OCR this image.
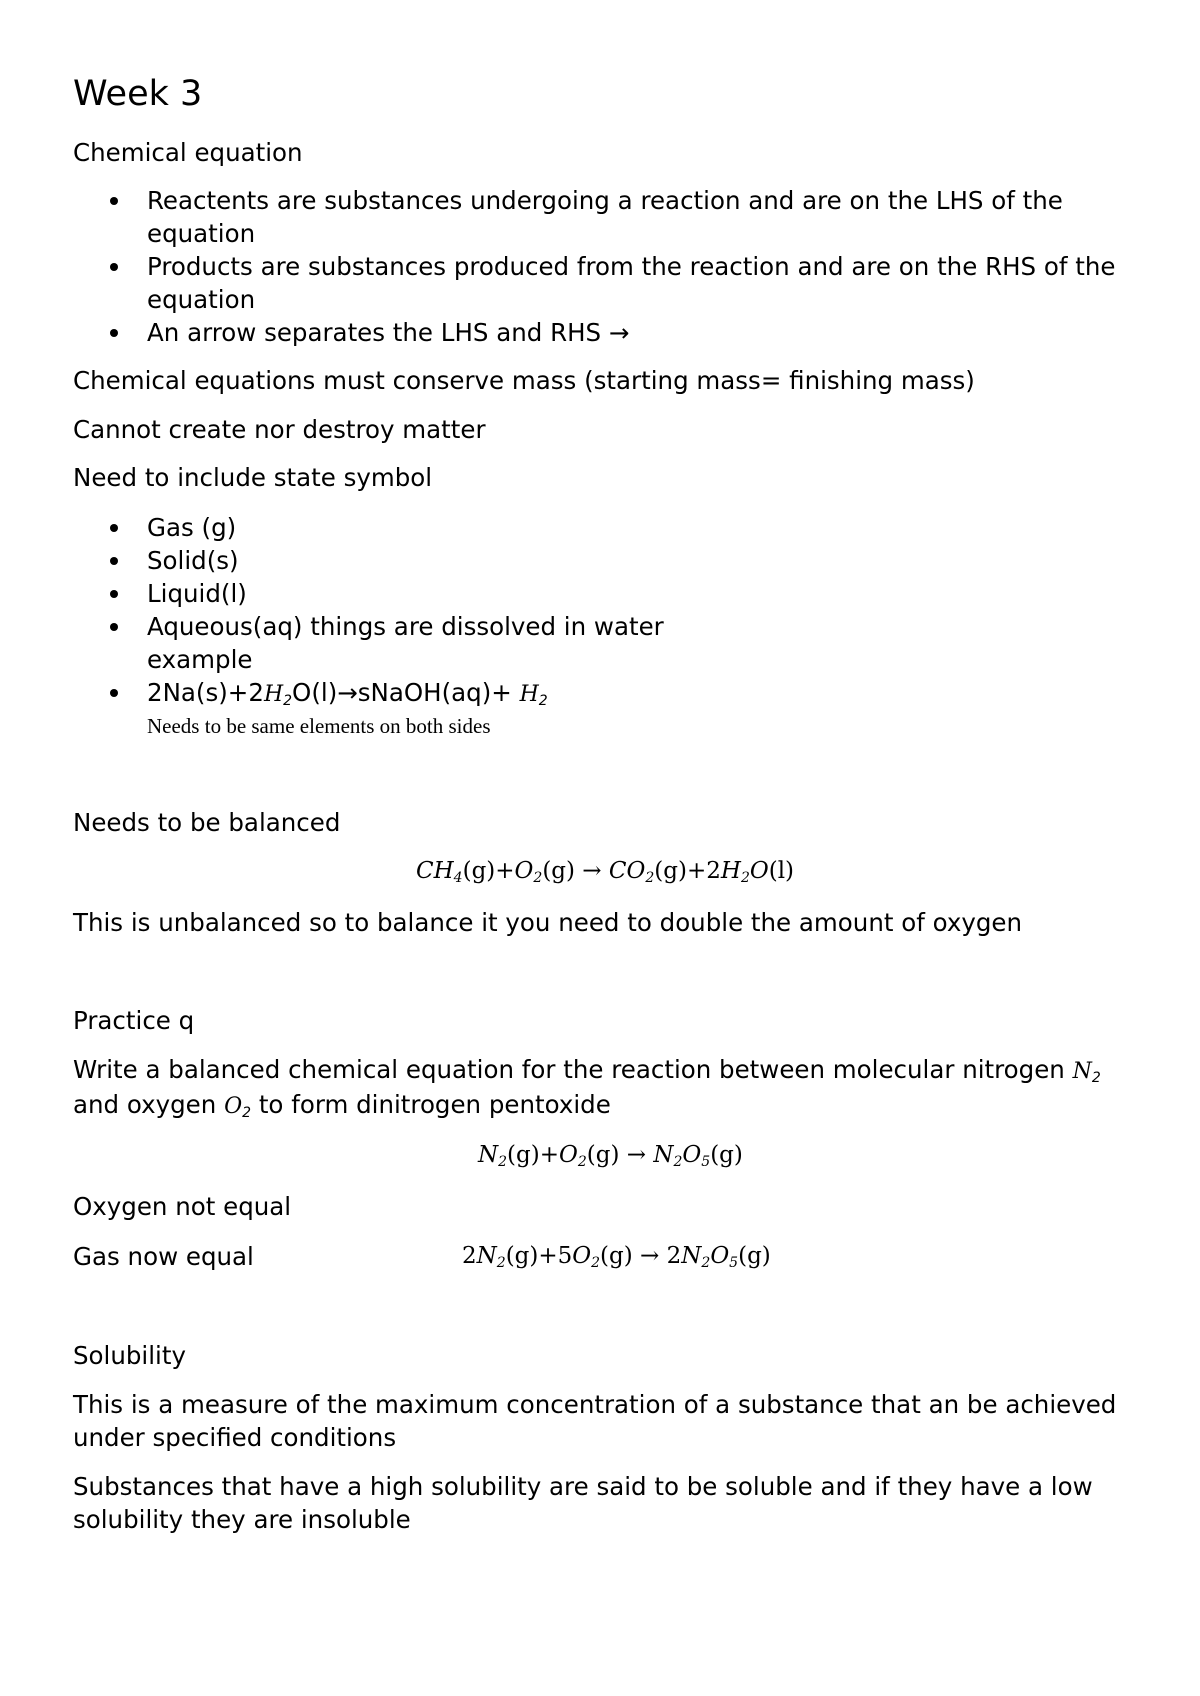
Week 3
Chemical equation
Reactents are substances undergoing a reaction and are on the LHS of the
equation
Products are substances produced from the reaction and are on the RHS of the
equation
An arrow separates the LHS and RHS →
Chemical equations must conserve mass (starting mass= finishing mass)
Cannot create nor destroy matter
Need to include state symbol
Gas (g)
Solid(s)
Liquid(l)
Aqueous(aq) things are dissolved in water
example
$2Na(s)+2H_2O(l)\to sNaOH(aq)+ H_2$
Needs to be same elements on both sides
Needs to be balanced
$CH_4(g)+O_2(g) \to CO_2(g)+2H_2O(l)$
This is unbalanced so to balance it you need to double the amount of oxygen
Practice q
Write a balanced chemical equation for the reaction between molecular nitrogen $N_2$
and oxygen $O_2$ to form dinitrogen pentoxide
$N_2(g)+O_2(g) \to N_2O_5(g)$
Oxygen not equal
Gas now equal	$2N_2(g)+5O_2(g) \to 2N_2O_5(g)$
Solubility
This is a measure of the maximum concentration of a substance that an be achieved
under specified conditions
Substances that have a high solubility are said to be soluble and if they have a low
solubility they are insoluble
